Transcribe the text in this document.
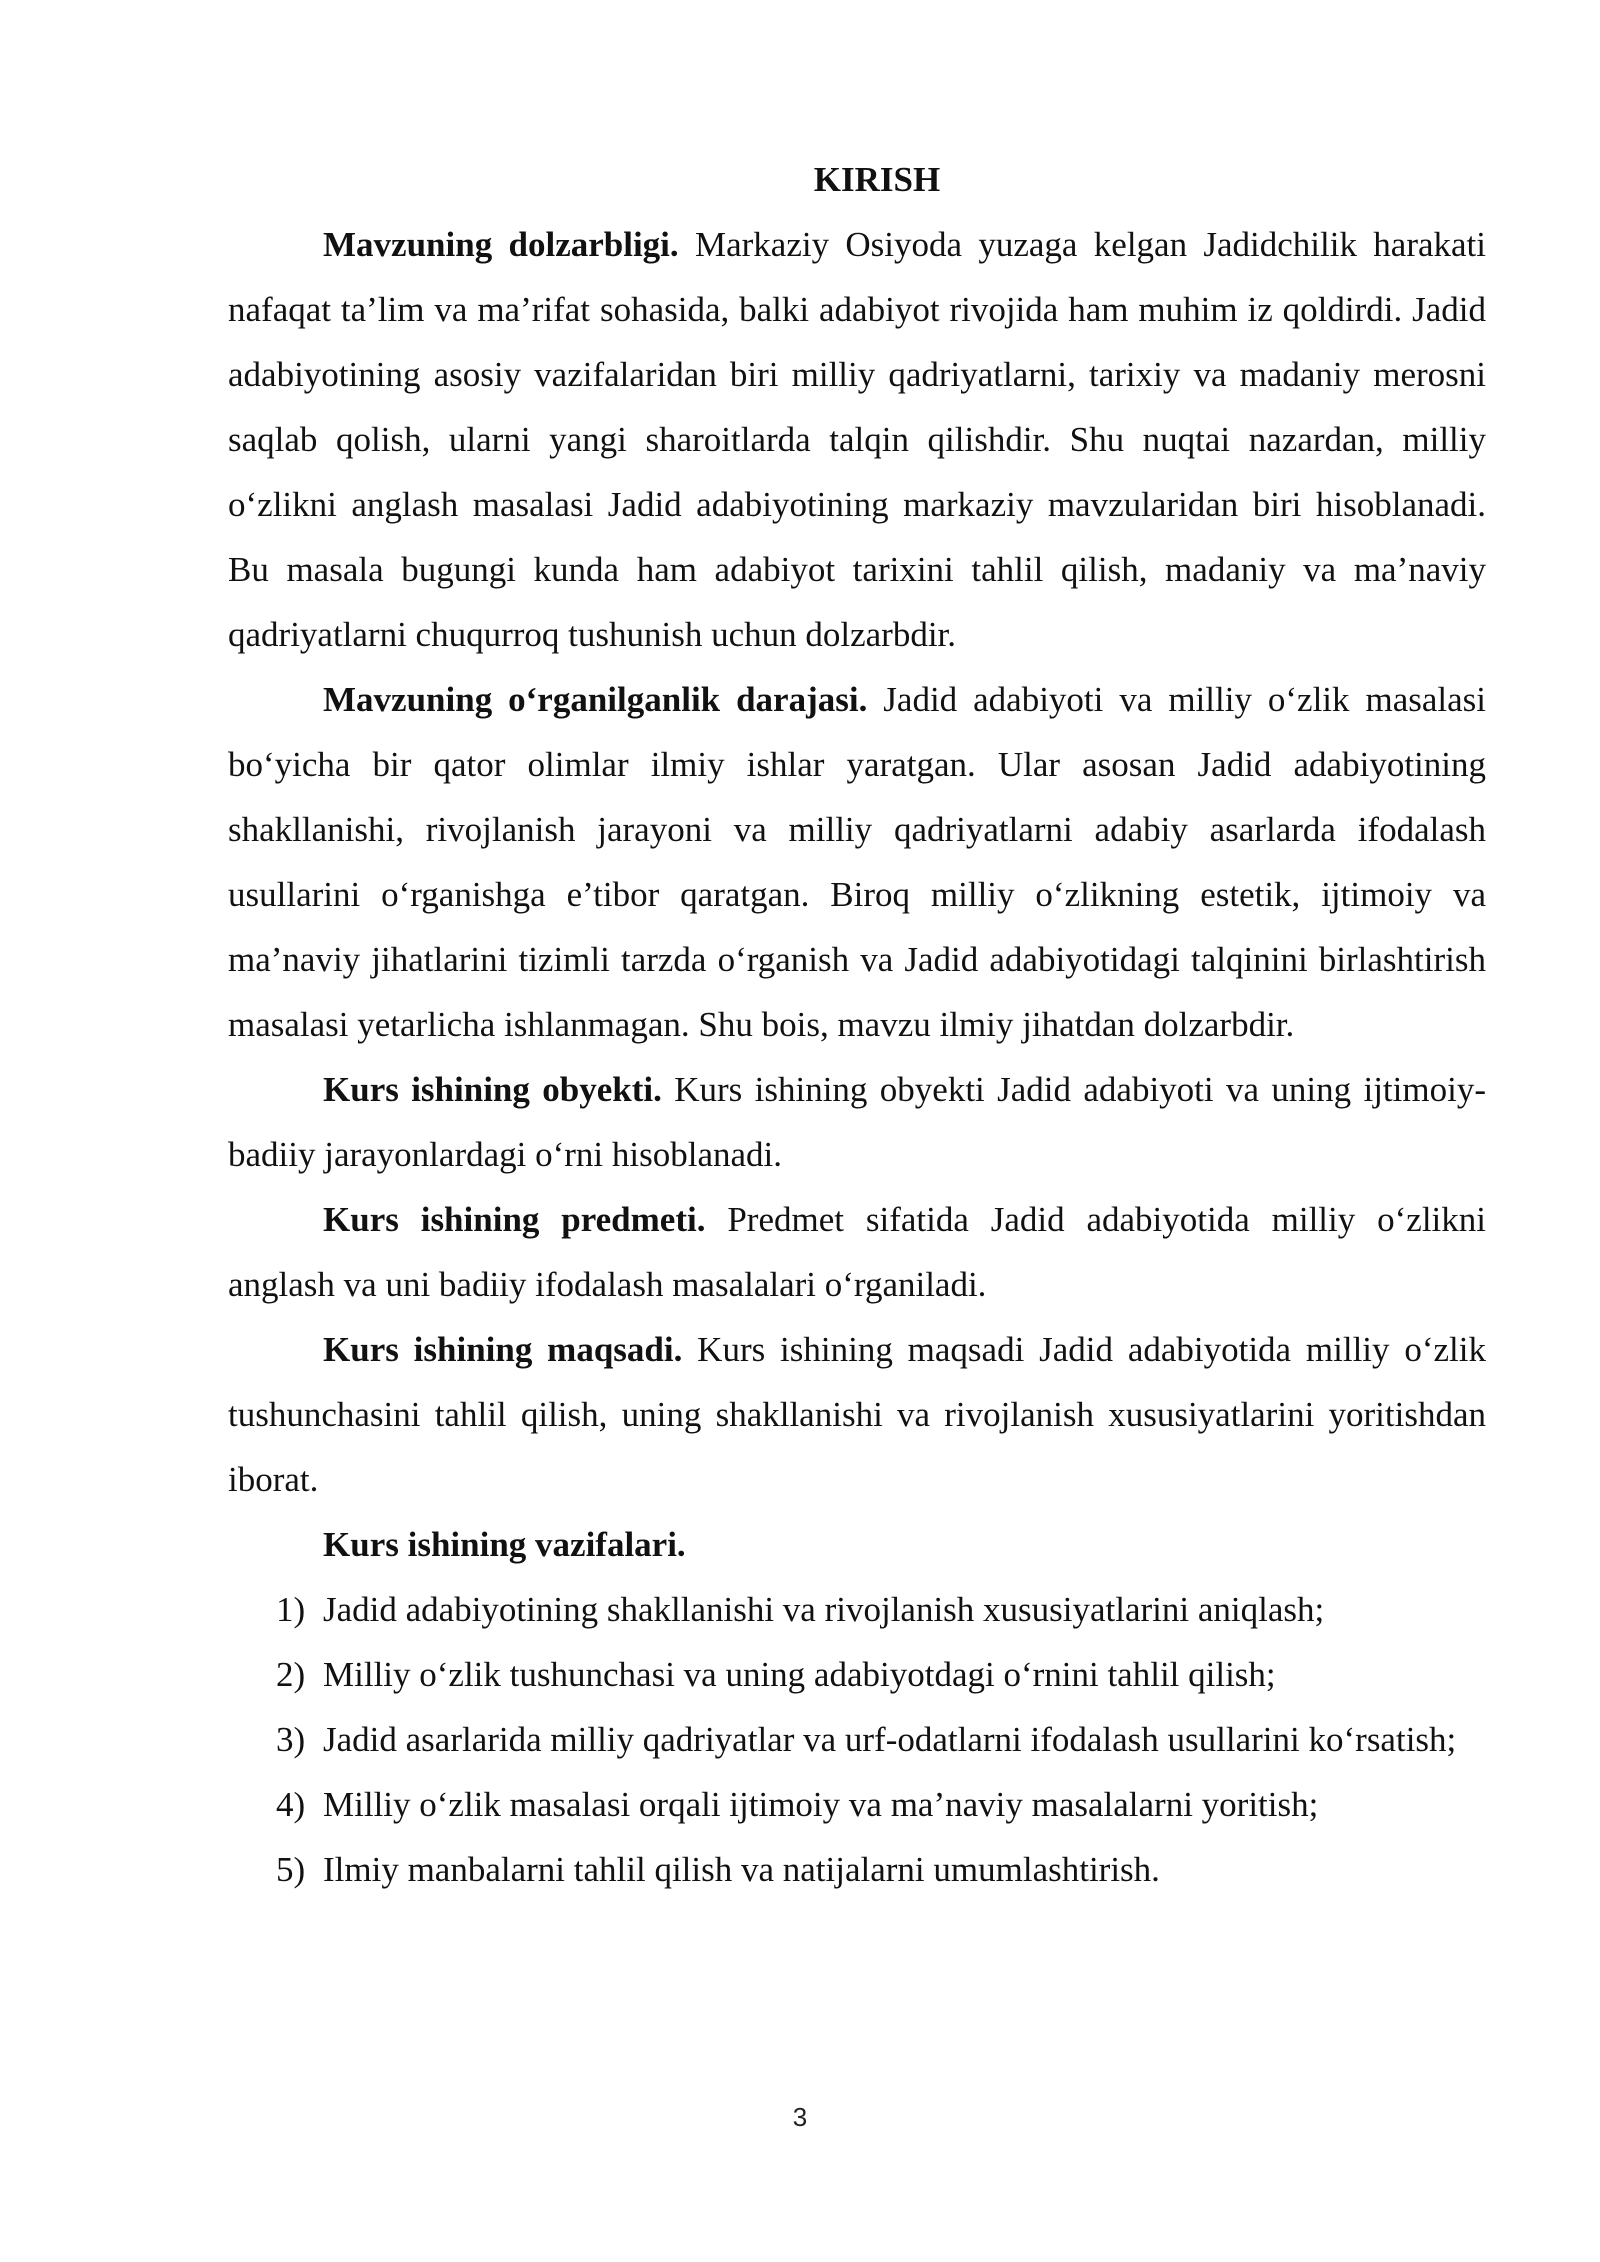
KIRISH

Mavzuning dolzarbligi. Markaziy Osiyoda yuzaga kelgan Jadidchilik harakati nafaqat ta’lim va ma’rifat sohasida, balki adabiyot rivojida ham muhim iz qoldirdi. Jadid adabiyotining asosiy vazifalaridan biri milliy qadriyatlarni, tarixiy va madaniy merosni saqlab qolish, ularni yangi sharoitlarda talqin qilishdir. Shu nuqtai nazardan, milliy o‘zlikni anglash masalasi Jadid adabiyotining markaziy mavzularidan biri hisoblanadi. Bu masala bugungi kunda ham adabiyot tarixini tahlil qilish, madaniy va ma’naviy qadriyatlarni chuqurroq tushunish uchun dolzarbdir.

Mavzuning o‘rganilganlik darajasi. Jadid adabiyoti va milliy o‘zlik masalasi bo‘yicha bir qator olimlar ilmiy ishlar yaratgan. Ular asosan Jadid adabiyotining shakllanishi, rivojlanish jarayoni va milliy qadriyatlarni adabiy asarlarda ifodalash usullarini o‘rganishga e’tibor qaratgan. Biroq milliy o‘zlikning estetik, ijtimoiy va ma’naviy jihatlarini tizimli tarzda o‘rganish va Jadid adabiyotidagi talqinini birlashtirish masalasi yetarlicha ishlanmagan. Shu bois, mavzu ilmiy jihatdan dolzarbdir.

Kurs ishining obyekti. Kurs ishining obyekti Jadid adabiyoti va uning ijtimoiy-badiiy jarayonlardagi o‘rni hisoblanadi.

Kurs ishining predmeti. Predmet sifatida Jadid adabiyotida milliy o‘zlikni anglash va uni badiiy ifodalash masalalari o‘rganiladi.

Kurs ishining maqsadi. Kurs ishining maqsadi Jadid adabiyotida milliy o‘zlik tushunchasini tahlil qilish, uning shakllanishi va rivojlanish xususiyatlarini yoritishdan iborat.

Kurs ishining vazifalari.

1) Jadid adabiyotining shakllanishi va rivojlanish xususiyatlarini aniqlash;
2) Milliy o‘zlik tushunchasi va uning adabiyotdagi o‘rnini tahlil qilish;
3) Jadid asarlarida milliy qadriyatlar va urf-odatlarni ifodalash usullarini ko‘rsatish;
4) Milliy o‘zlik masalasi orqali ijtimoiy va ma’naviy masalalarni yoritish;
5) Ilmiy manbalarni tahlil qilish va natijalarni umumlashtirish.
3
